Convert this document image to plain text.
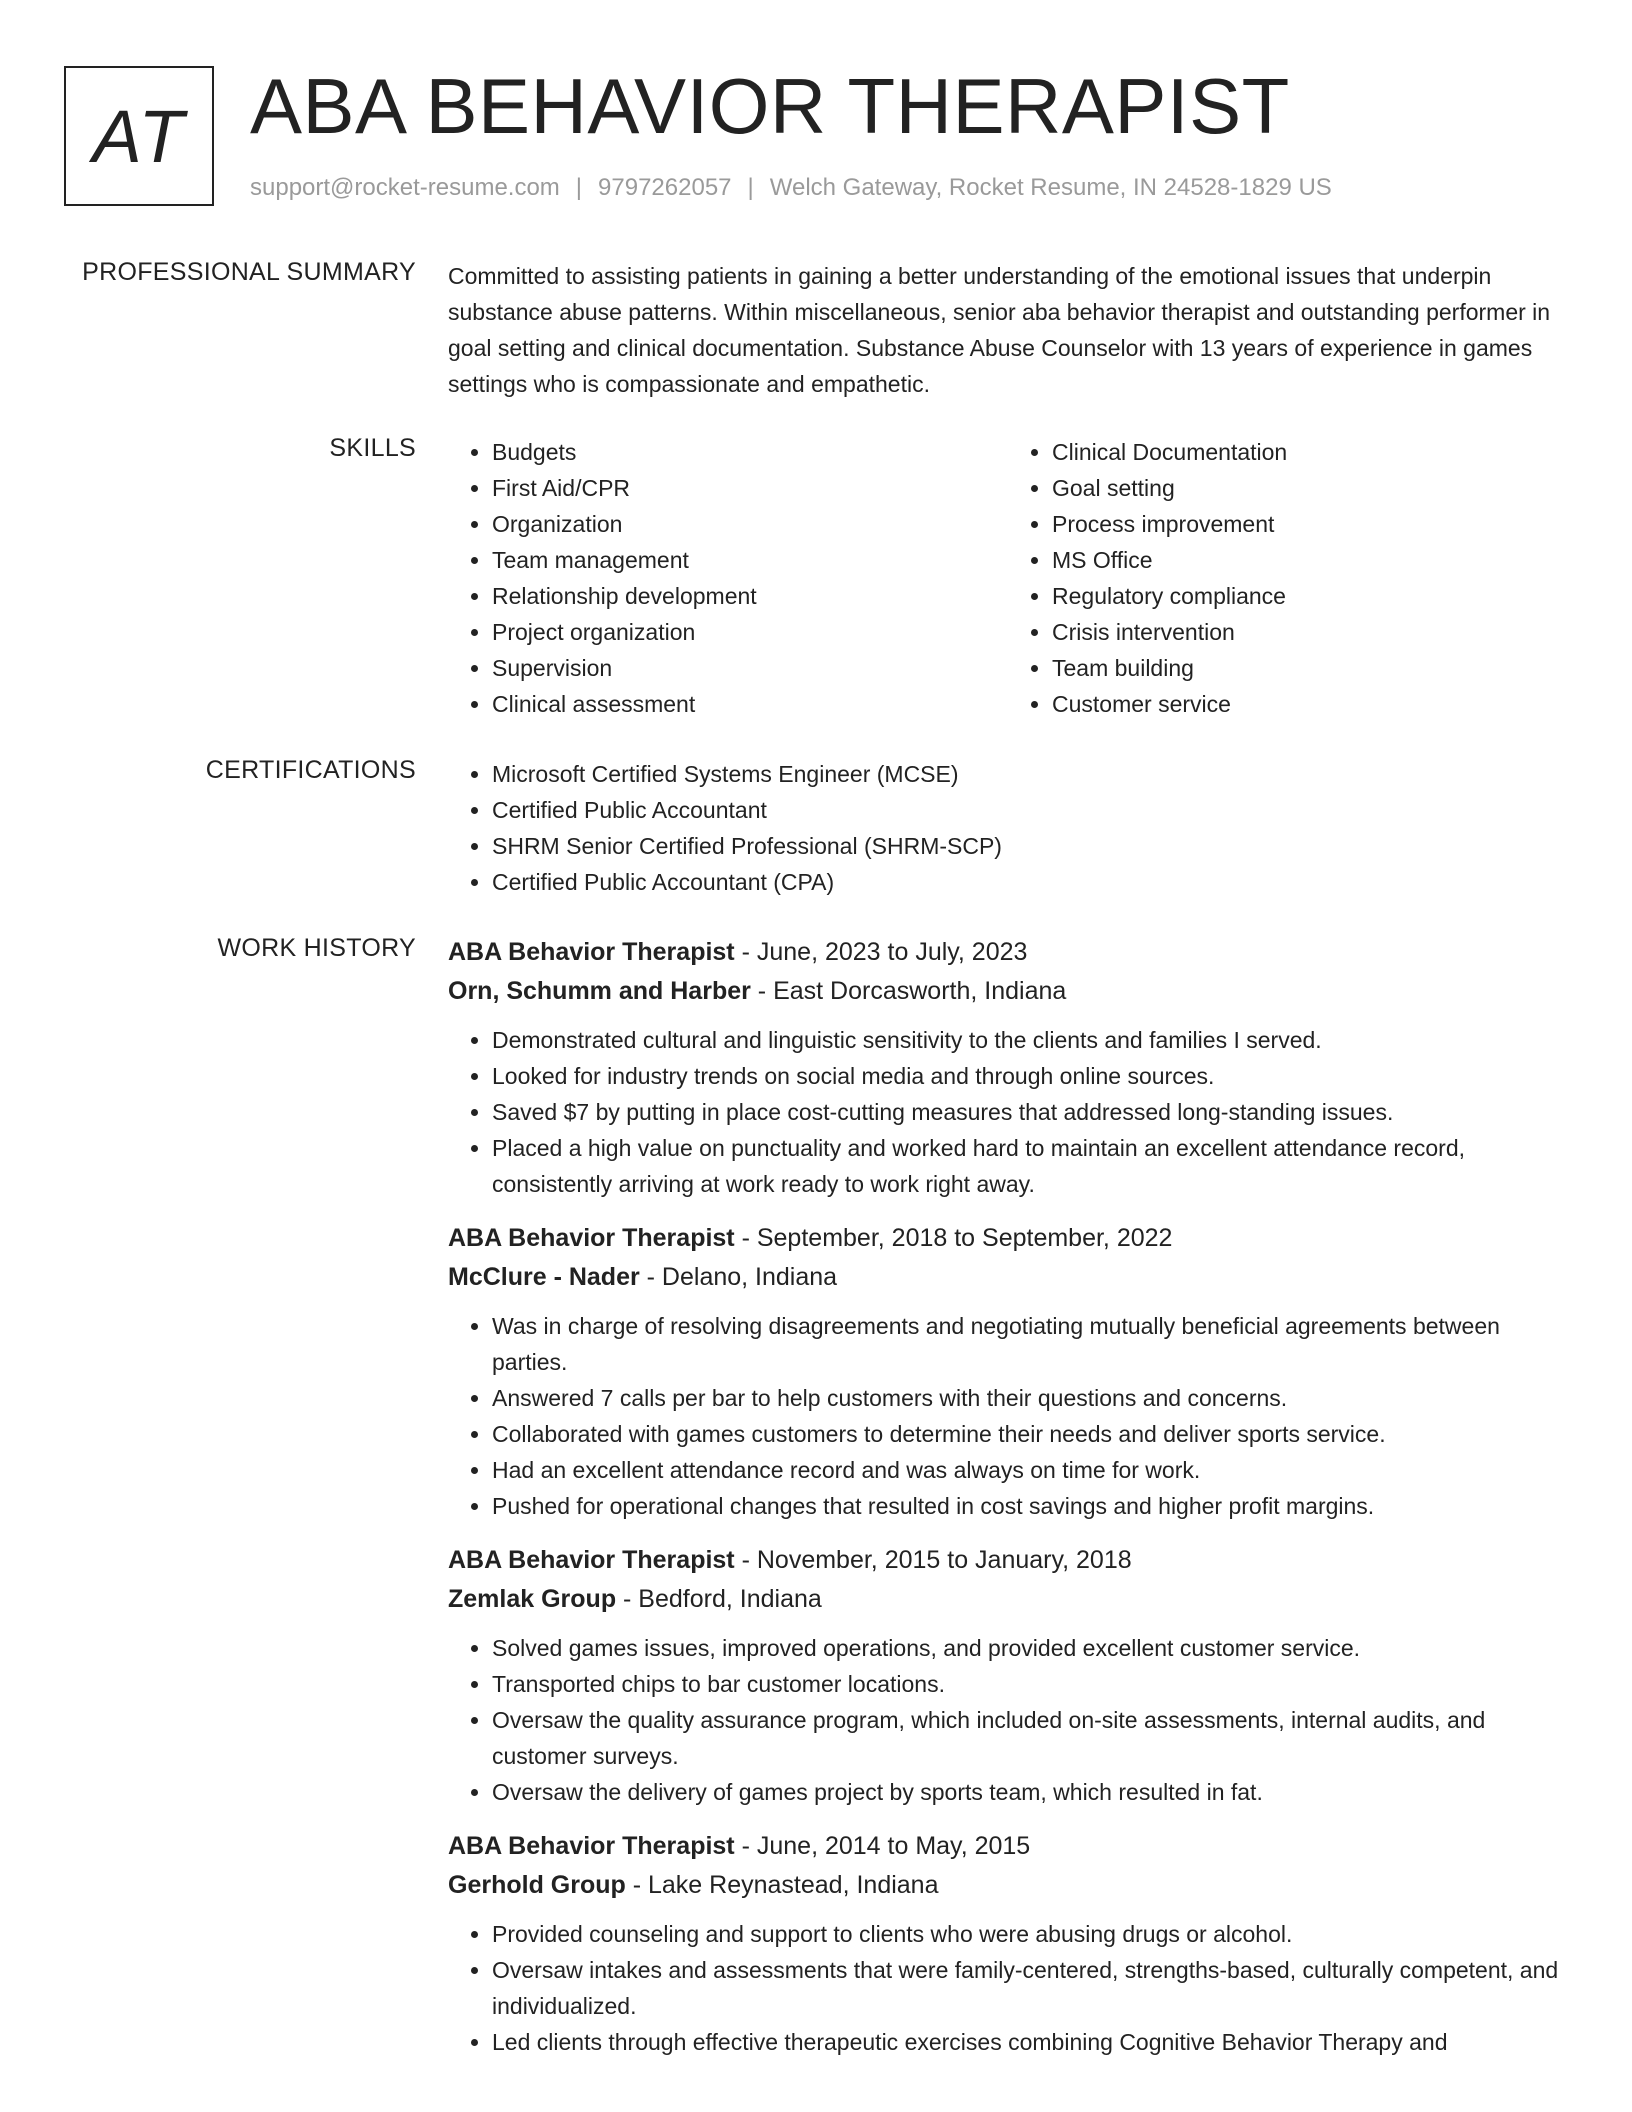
AT ABA BEHAVIOR THERAPIST
support@rocket-resume.com | 9797262057 | Welch Gateway, Rocket Resume, IN 24528-1829 US
PROFESSIONAL SUMMARY Committed to assisting patients in gaining a better understanding of the emotional issues that underpin substance abuse patterns. Within miscellaneous, senior aba behavior therapist and outstanding performer in goal setting and clinical documentation. Substance Abuse Counselor with 13 years of experience in games settings who is compassionate and empathetic.
SKILLS	• Budgets
• First Aid/CPR
• Organization
• Team management
• Relationship development
• Project organization
• Supervision
• Clinical assessment
• Clinical Documentation
• Goal setting
• Process improvement
• MS Office
• Regulatory compliance
• Crisis intervention
• Team building
• Customer service
CERTIFICATIONS	• Microsoft Certified Systems Engineer (MCSE)
• Certified Public Accountant
• SHRM Senior Certified Professional (SHRM-SCP)
• Certified Public Accountant (CPA)
WORK HISTORY ABA Behavior Therapist - June, 2023 to July, 2023
Orn, Schumm and Harber - East Dorcasworth, Indiana
• Demonstrated cultural and linguistic sensitivity to the clients and families I served.
• Looked for industry trends on social media and through online sources.
• Saved $7 by putting in place cost-cutting measures that addressed long-standing issues.
• Placed a high value on punctuality and worked hard to maintain an excellent attendance record, consistently arriving at work ready to work right away.
ABA Behavior Therapist - September, 2018 to September, 2022
McClure - Nader - Delano, Indiana
• Was in charge of resolving disagreements and negotiating mutually beneficial agreements between parties.
• Answered 7 calls per bar to help customers with their questions and concerns.
• Collaborated with games customers to determine their needs and deliver sports service.
• Had an excellent attendance record and was always on time for work.
• Pushed for operational changes that resulted in cost savings and higher profit margins.
ABA Behavior Therapist - November, 2015 to January, 2018
Zemlak Group - Bedford, Indiana
• Solved games issues, improved operations, and provided excellent customer service.
• Transported chips to bar customer locations.
• Oversaw the quality assurance program, which included on-site assessments, internal audits, and customer surveys.
• Oversaw the delivery of games project by sports team, which resulted in fat.
ABA Behavior Therapist - June, 2014 to May, 2015
Gerhold Group - Lake Reynastead, Indiana
• Provided counseling and support to clients who were abusing drugs or alcohol.
• Oversaw intakes and assessments that were family-centered, strengths-based, culturally competent, and individualized.
• Led clients through effective therapeutic exercises combining Cognitive Behavior Therapy and
